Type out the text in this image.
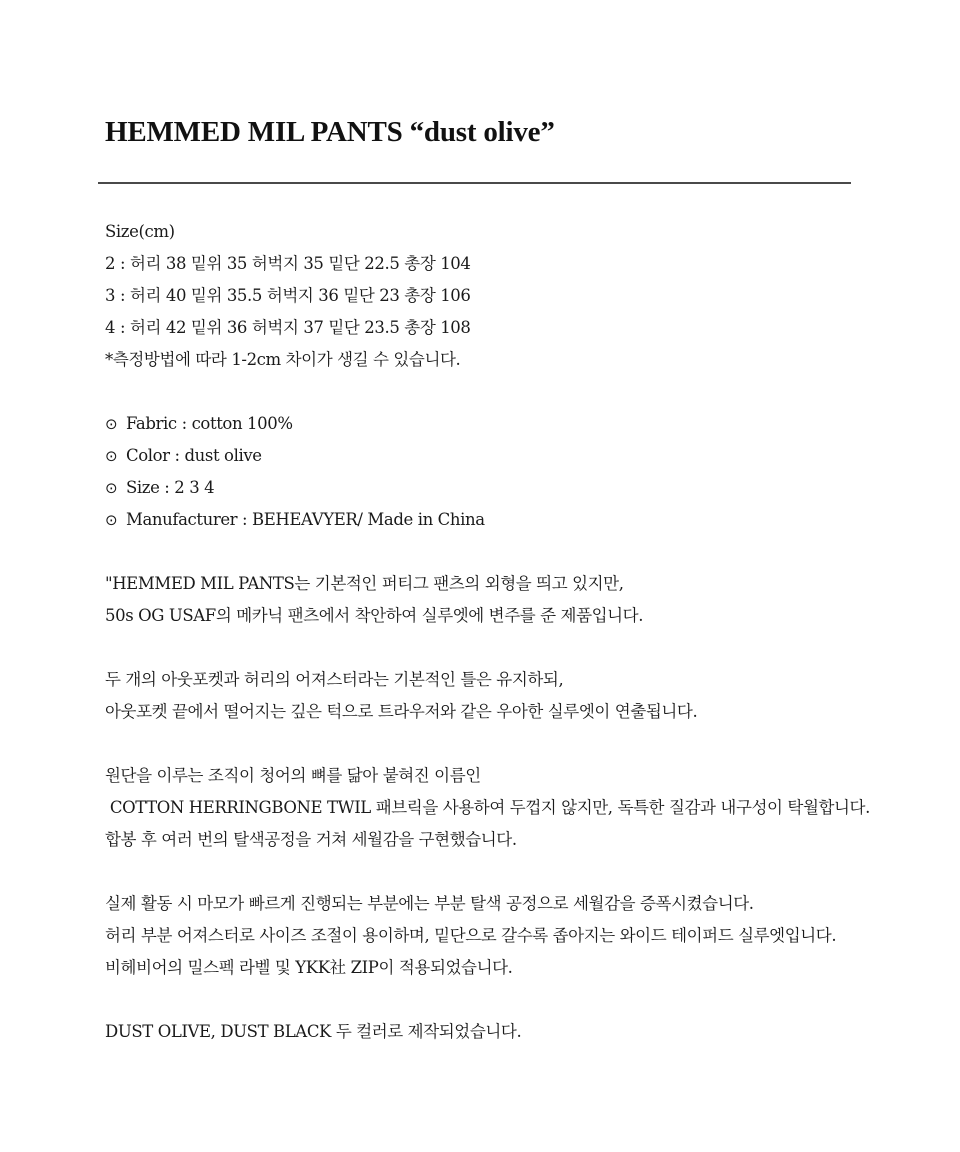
HEMMED MIL PANTS “dust olive”
Size(cm)
2 : 허리 38 밑위 35 허벅지 35 밑단 22.5 총장 104
3 : 허리 40 밑위 35.5 허벅지 36 밑단 23 총장 106
4 : 허리 42 밑위 36 허벅지 37 밑단 23.5 총장 108
*측정방법에 따라 1-2cm 차이가 생길 수 있습니다.
⊙ Fabric : cotton 100%
⊙ Color : dust olive
⊙ Size : 2 3 4
⊙ Manufacturer : BEHEAVYER/ Made in China
"HEMMED MIL PANTS는 기본적인 퍼티그 팬츠의 외형을 띄고 있지만,
50s OG USAF의 메카닉 팬츠에서 착안하여 실루엣에 변주를 준 제품입니다.
두 개의 아웃포켓과 허리의 어져스터라는 기본적인 틀은 유지하되,
아웃포켓 끝에서 떨어지는 깊은 턱으로 트라우저와 같은 우아한 실루엣이 연출됩니다.
원단을 이루는 조직이 청어의 뼈를 닮아 붙혀진 이름인
COTTON HERRINGBONE TWIL 패브릭을 사용하여 두껍지 않지만, 독특한 질감과 내구성이 탁월합니다.
합봉 후 여러 번의 탈색공정을 거쳐 세월감을 구현했습니다.
실제 활동 시 마모가 빠르게 진행되는 부분에는 부분 탈색 공정으로 세월감을 증폭시켰습니다.
허리 부분 어져스터로 사이즈 조절이 용이하며, 밑단으로 갈수록 좁아지는 와이드 테이퍼드 실루엣입니다.
비헤비어의 밀스펙 라벨 및 YKK社 ZIP이 적용되었습니다.
DUST OLIVE, DUST BLACK 두 컬러로 제작되었습니다.
